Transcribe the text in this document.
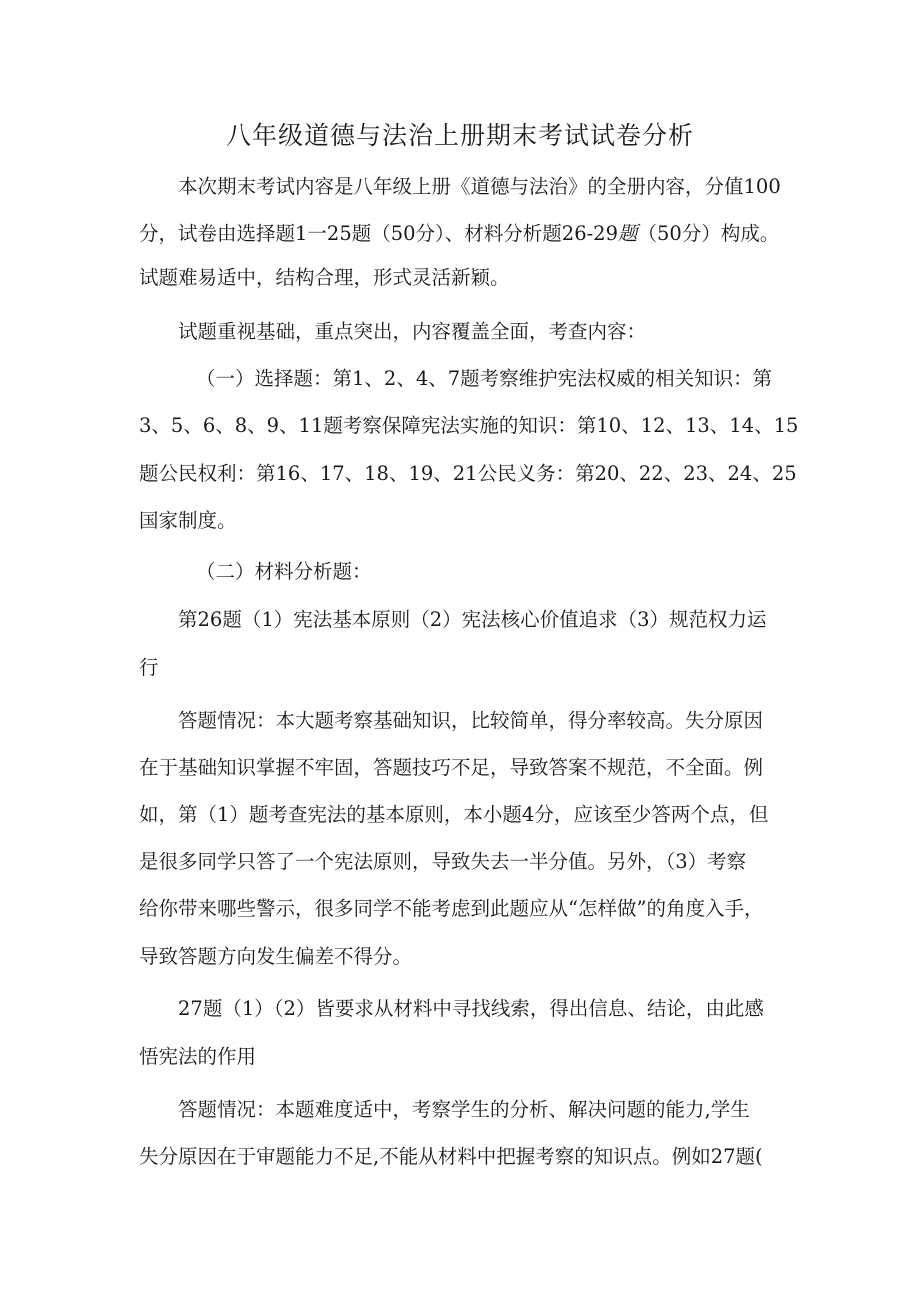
八年级道德与法治上册期末考试试卷分析
本次期末考试内容是八年级上册《道德与法治》的全册内容，分值100
分，试卷由选择题1一25题（50分）、材料分析题26-29题（50分）构成。
试题难易适中，结构合理，形式灵活新颖。
试题重视基础，重点突出，内容覆盖全面，考查内容：
（一）选择题：第1、2、4、7题考察维护宪法权威的相关知识：第
3、5、6、8、9、11题考察保障宪法实施的知识：第10、12、13、14、15
题公民权利：第16、17、18、19、21公民义务：第20、22、23、24、25
国家制度。
（二）材料分析题：
第26题（1）宪法基本原则（2）宪法核心价值追求（3）规范权力运
行
答题情况：本大题考察基础知识，比较简单，得分率较高。失分原因
在于基础知识掌握不牢固，答题技巧不足，导致答案不规范，不全面。例
如，第（1）题考查宪法的基本原则，本小题4分，应该至少答两个点，但
是很多同学只答了一个宪法原则，导致失去一半分值。另外，（3）考察
给你带来哪些警示，很多同学不能考虑到此题应从“怎样做”的角度入手，
导致答题方向发生偏差不得分。
27题（1）（2）皆要求从材料中寻找线索，得出信息、结论，由此感
悟宪法的作用
答题情况：本题难度适中，考察学生的分析、解决问题的能力,学生
失分原因在于审题能力不足,不能从材料中把握考察的知识点。例如27题(
